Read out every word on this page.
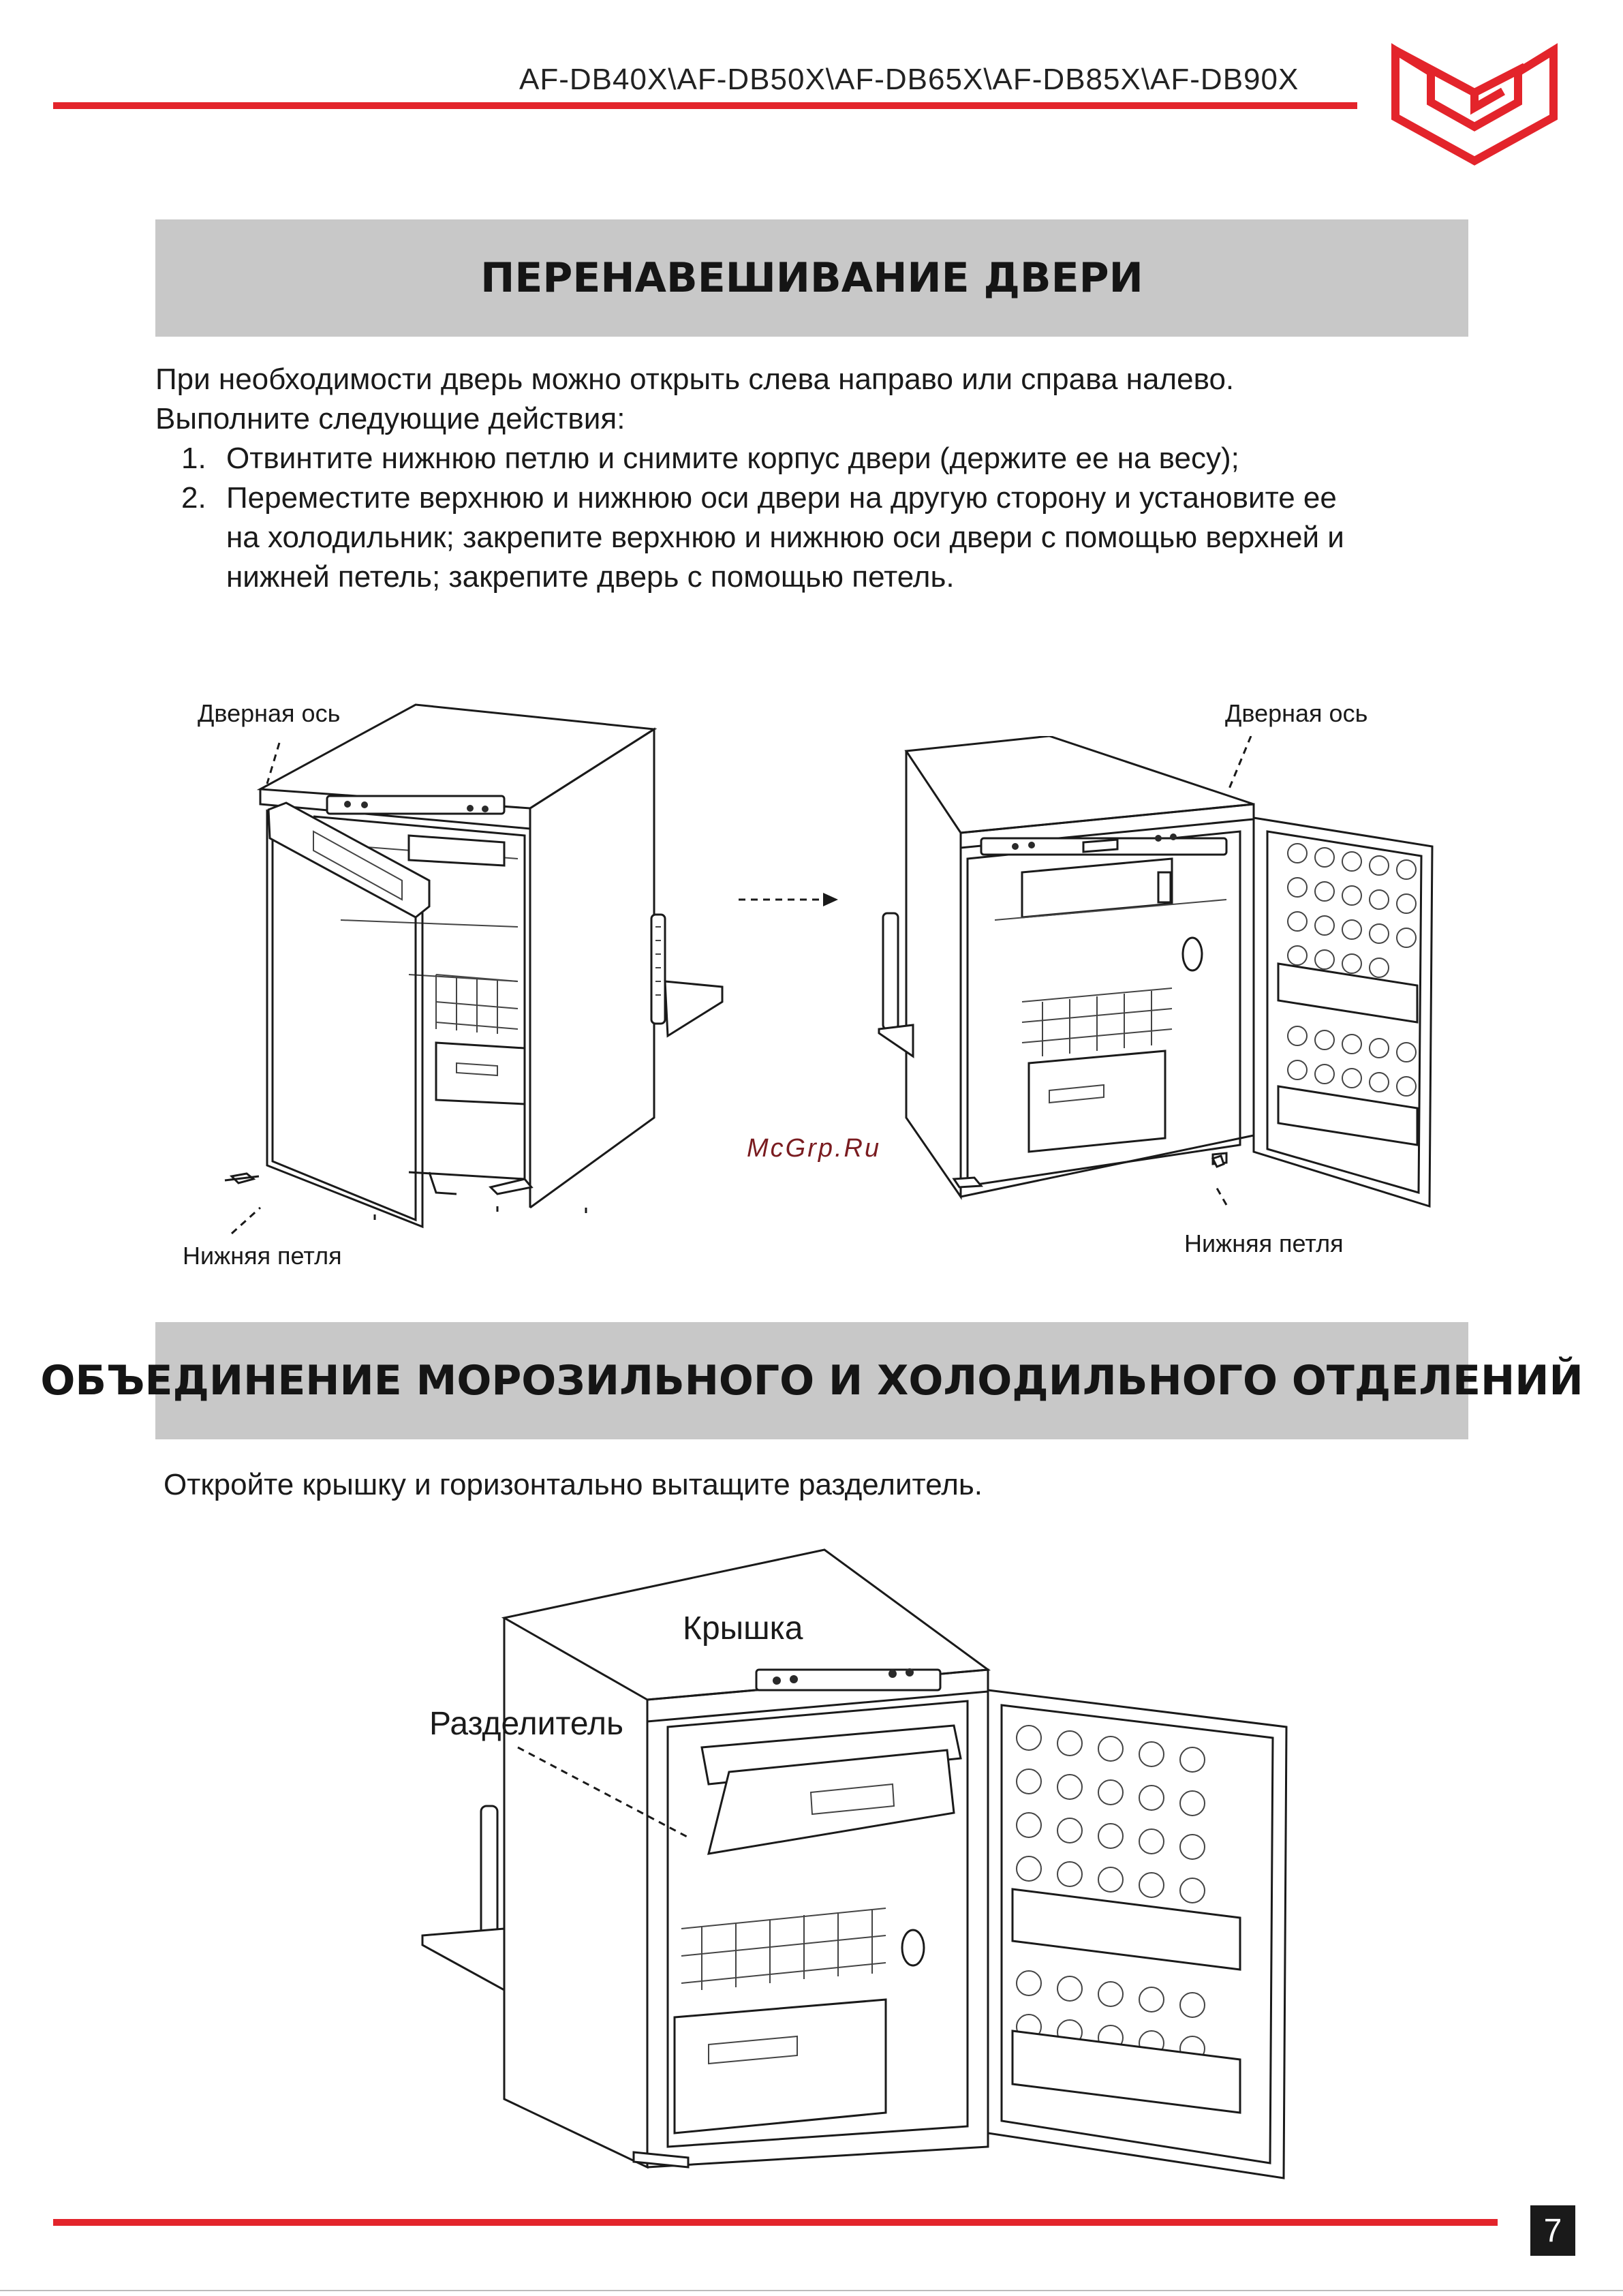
AF-DB40X\AF-DB50X\AF-DB65X\AF-DB85X\AF-DB90X
ПЕРЕНАВЕШИВАНИЕ ДВЕРИ
При необходимости дверь можно открыть слева направо или справа налево.
Выполните следующие действия:
1. Отвинтите нижнюю петлю и снимите корпус двери (держите ее на весу);
2. Переместите верхнюю и нижнюю оси двери на другую сторону и установите ее
на холодильник; закрепите верхнюю и нижнюю оси двери с помощью верхней и
нижней петель; закрепите дверь с помощью петель.
Дверная ось	Дверная ось
Нижняя петля	Нижняя петля
McGrp.Ru
ОБЪЕДИНЕНИЕ МОРОЗИЛЬНОГО И ХОЛОДИЛЬНОГО ОТДЕЛЕНИЙ
Откройте крышку и горизонтально вытащите разделитель.
Крышка
Разделитель
7
